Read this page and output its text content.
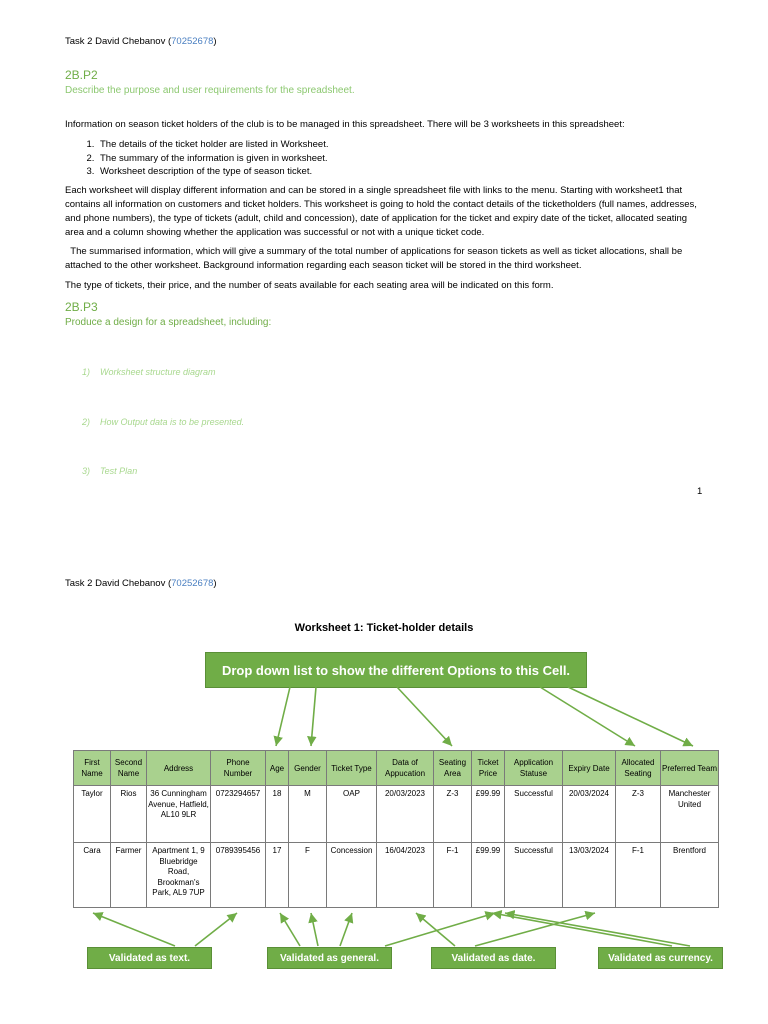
Task 2 David Chebanov (70252678)
2B.P2
Describe the purpose and user requirements for the spreadsheet.
Information on season ticket holders of the club is to be managed in this spreadsheet. There will be 3 worksheets in this spreadsheet:
1. The details of the ticket holder are listed in Worksheet.
2. The summary of the information is given in worksheet.
3. Worksheet description of the type of season ticket.
Each worksheet will display different information and can be stored in a single spreadsheet file with links to the menu. Starting with worksheet1 that contains all information on customers and ticket holders. This worksheet is going to hold the contact details of the ticketholders (full names, addresses, and phone numbers), the type of tickets (adult, child and concession), date of application for the ticket and expiry date of the ticket, allocated seating area and a column showing whether the application was successful or not with a unique ticket code.
The summarised information, which will give a summary of the total number of applications for season tickets as well as ticket allocations, shall be attached to the other worksheet. Background information regarding each season ticket will be stored in the third worksheet.
The type of tickets, their price, and the number of seats available for each seating area will be indicated on this form.
2B.P3
Produce a design for a spreadsheet, including:

1)    Worksheet structure diagram

2)    How Output data is to be presented.

3)    Test Plan

1
Task 2 David Chebanov (70252678)
Worksheet 1: Ticket-holder details
Drop down list to show the different Options to this Cell.
First Name	Second Name	Address	Phone Number	Age	Gender	Ticket Type	Data of Appucation	Seating Area	Ticket Price	Application Statuse	Expiry Date	Allocated Seating	Preferred Team
Taylor	Rios	36 Cunningham Avenue, Hatfield, AL10 9LR	0723294657	18	M	OAP	20/03/2023	Z-3	£99.99	Successful	20/03/2024	Z-3	Manchester United
Cara	Farmer	Apartment 1, 9 Bluebridge Road, Brookman's Park, AL9 7UP	0789395456	17	F	Concession	16/04/2023	F-1	£99.99	Successful	13/03/2024	F-1	Brentford
Validated as text.	Validated as general.	Validated as date.	Validated as currency.
